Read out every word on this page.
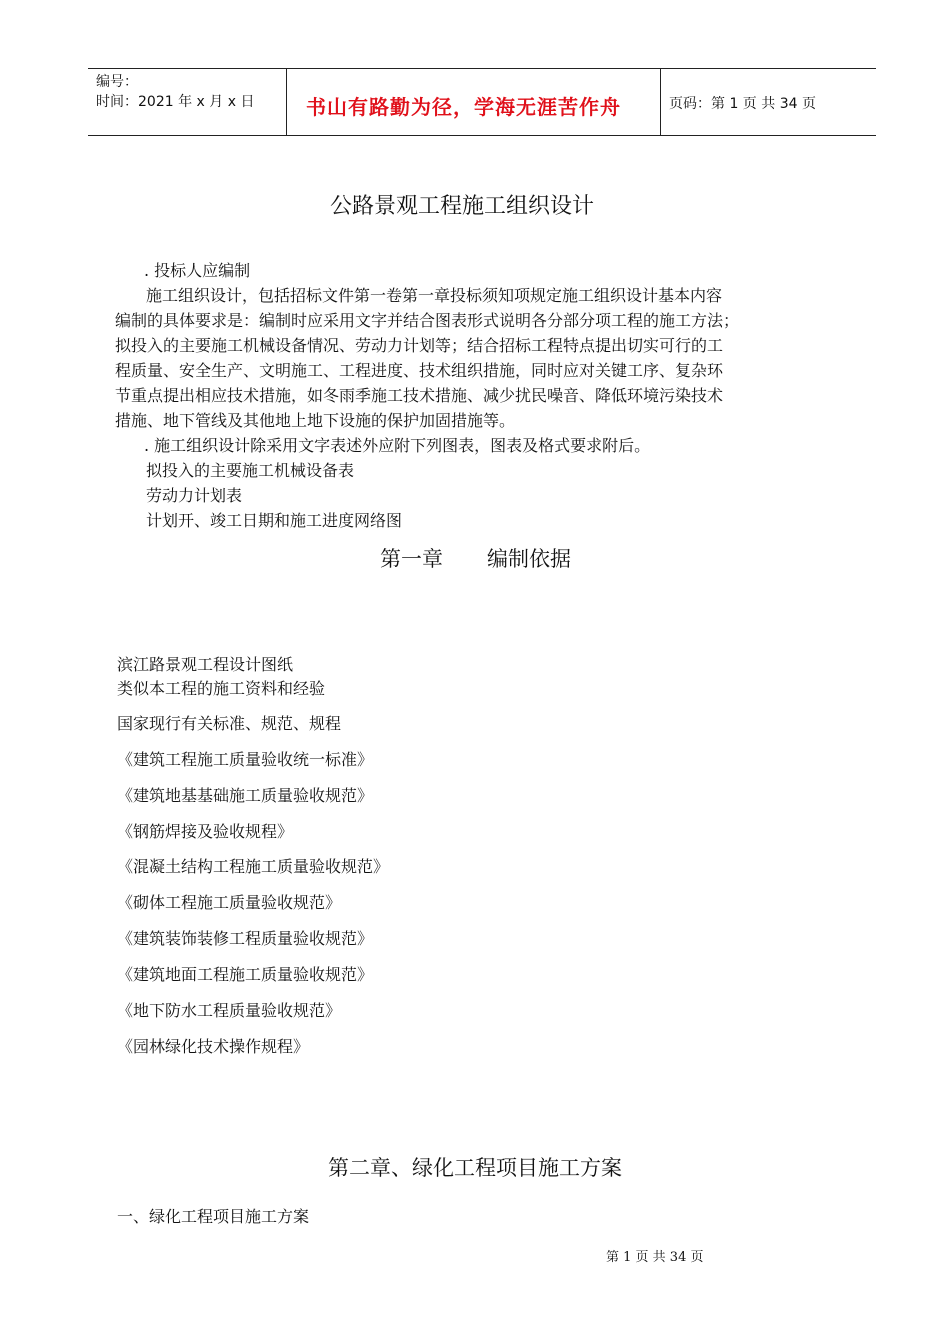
编号：
时间：2021 年 x 月 x 日	书山有路勤为径，学海无涯苦作舟	页码：第 1 页 共 34 页
公路景观工程施工组织设计
. 投标人应编制
施工组织设计，包括招标文件第一卷第一章投标须知项规定施工组织设计基本内容
编制的具体要求是：编制时应采用文字并结合图表形式说明各分部分项工程的施工方法；
拟投入的主要施工机械设备情况、劳动力计划等；结合招标工程特点提出切实可行的工
程质量、安全生产、文明施工、工程进度、技术组织措施，同时应对关键工序、复杂环
节重点提出相应技术措施，如冬雨季施工技术措施、减少扰民噪音、降低环境污染技术
措施、地下管线及其他地上地下设施的保护加固措施等。
. 施工组织设计除采用文字表述外应附下列图表，图表及格式要求附后。
拟投入的主要施工机械设备表
劳动力计划表
计划开、竣工日期和施工进度网络图
第一章 编制依据
滨江路景观工程设计图纸
类似本工程的施工资料和经验
国家现行有关标准、规范、规程
《建筑工程施工质量验收统一标准》
《建筑地基基础施工质量验收规范》
《钢筋焊接及验收规程》
《混凝土结构工程施工质量验收规范》
《砌体工程施工质量验收规范》
《建筑装饰装修工程质量验收规范》
《建筑地面工程施工质量验收规范》
《地下防水工程质量验收规范》
《园林绿化技术操作规程》
第二章、绿化工程项目施工方案
一、绿化工程项目施工方案
第 1 页 共 34 页
